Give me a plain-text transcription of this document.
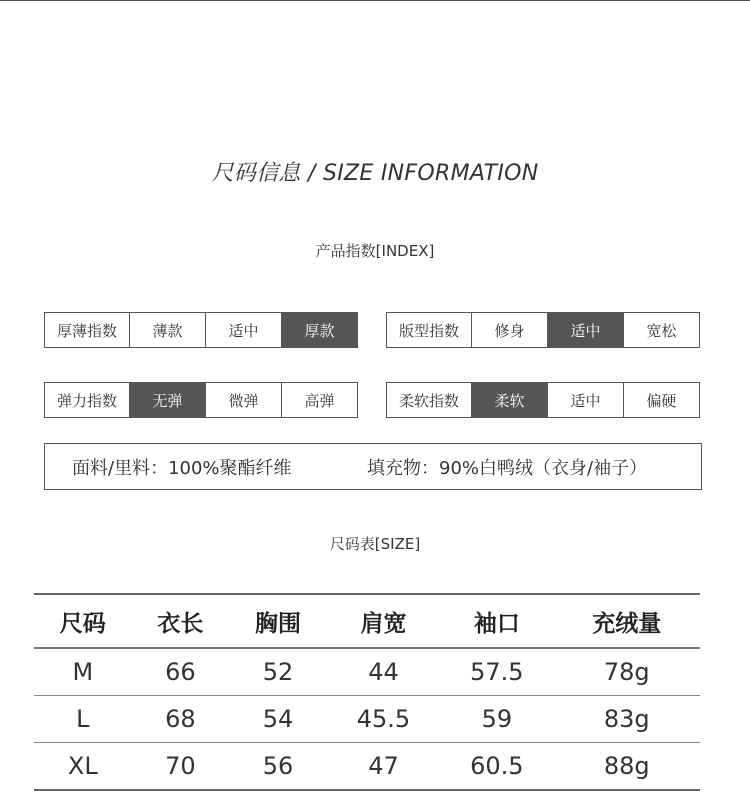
尺码信息 / SIZE INFORMATION
产品指数[INDEX]
厚薄指数	薄款	适中	厚款	版型指数	修身	适中	宽松
弹力指数	无弹	微弹	高弹	柔软指数	柔软	适中	偏硬
面料/里料：100%聚酯纤维	填充物：90%白鸭绒（衣身/袖子）
尺码表[SIZE]
尺码	衣长	胸围	肩宽	袖口	充绒量
M	66	52	44	57.5	78g
L	68	54	45.5	59	83g
XL	70	56	47	60.5	88g
